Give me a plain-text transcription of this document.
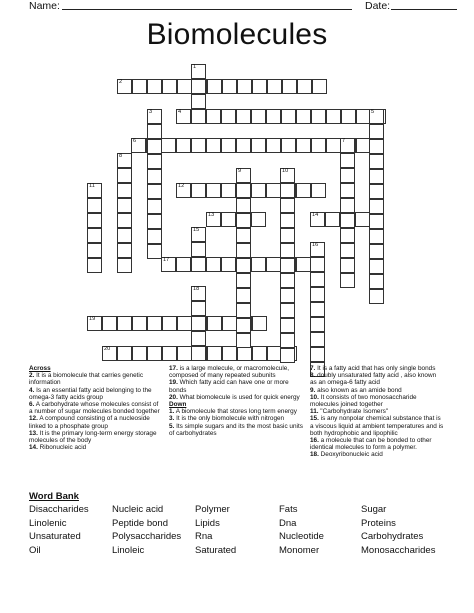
Name:	Date:
Biomolecules
2
4
6
12
13	14
17
19
20
1
3	5
7
8
9	10
11
15
16
18
Across
2. It is a biomolecule that carries genetic information
4. Is an essential fatty acid belonging to the omega-3 fatty acids group
6. A carbohydrate whose molecules consist of a number of sugar molecules bonded together
12. A compound consisting of a nucleoside linked to a phosphate group
13. It is the primary long-term energy storage molecules of the body
14. Ribonucleic acid
17. is a large molecule, or macromolecule, composed of many repeated subunits
19. Which fatty acid can have one or more bonds
20. What biomolecule is used for quick energy
Down
1. A biomolecule that stores long term energy
3. It is the only biomolecule with nitrogen
5. Its simple sugars and its the most basic units of carbohydrates
7. It is a fatty acid that has only single bonds
8. doubly unsaturated fatty acid , also known as an omega-6 fatty acid
9. also known as an amide bond
10. It consists of two monosaccharide molecules joined together
11. "Carbohydrate Isomers"
15. is any nonpolar chemical substance that is a viscous liquid at ambient temperatures and is both hydrophobic and lipophilic
16. a molecule that can be bonded to other identical molecules to form a polymer.
18. Deoxyribonucleic acid
Word Bank
Disaccharides
Linolenic
Unsaturated
Oil
Nucleic acid
Peptide bond
Polysaccharides
Linoleic
Polymer
Lipids
Rna
Saturated
Fats
Dna
Nucleotide
Monomer
Sugar
Proteins
Carbohydrates
Monosaccharides
